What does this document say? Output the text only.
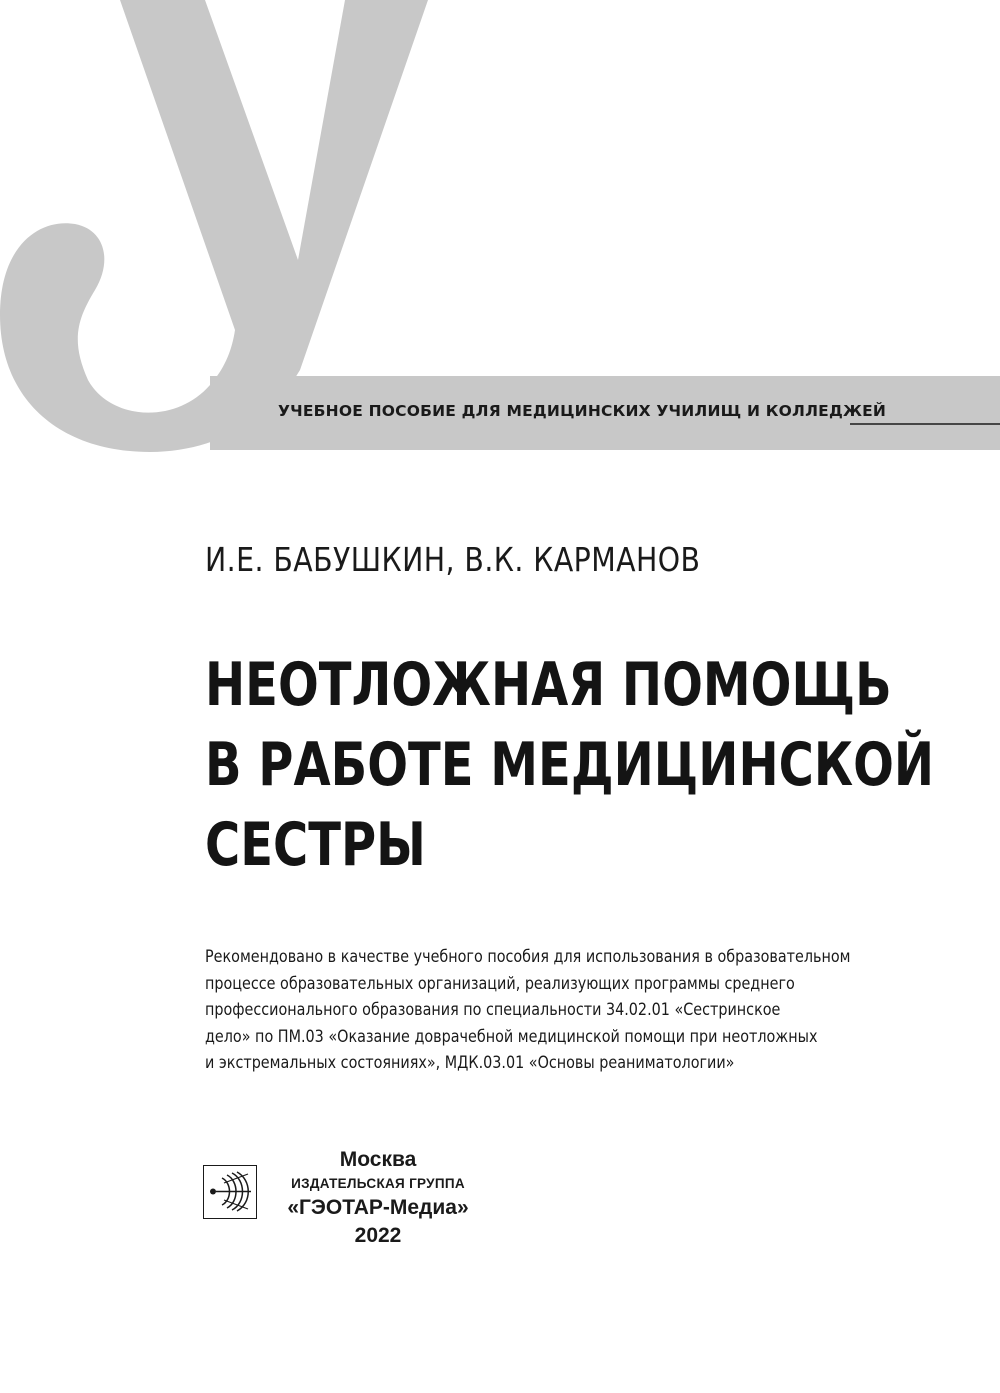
УЧЕБНОЕ ПОСОБИЕ ДЛЯ МЕДИЦИНСКИХ УЧИЛИЩ И КОЛЛЕДЖЕЙ
И.Е. БАБУШКИН, В.К. КАРМАНОВ
НЕОТЛОЖНАЯ ПОМОЩЬ
В РАБОТЕ МЕДИЦИНСКОЙ
СЕСТРЫ
Рекомендовано в качестве учебного пособия для использования в образовательном
процессе образовательных организаций, реализующих программы среднего
профессионального образования по специальности 34.02.01 «Сестринское
дело» по ПМ.03 «Оказание доврачебной медицинской помощи при неотложных
и экстремальных состояниях», МДК.03.01 «Основы реаниматологии»
Москва
ИЗДАТЕЛЬСКАЯ ГРУППА
«ГЭОТАР-Медиа»
2022
